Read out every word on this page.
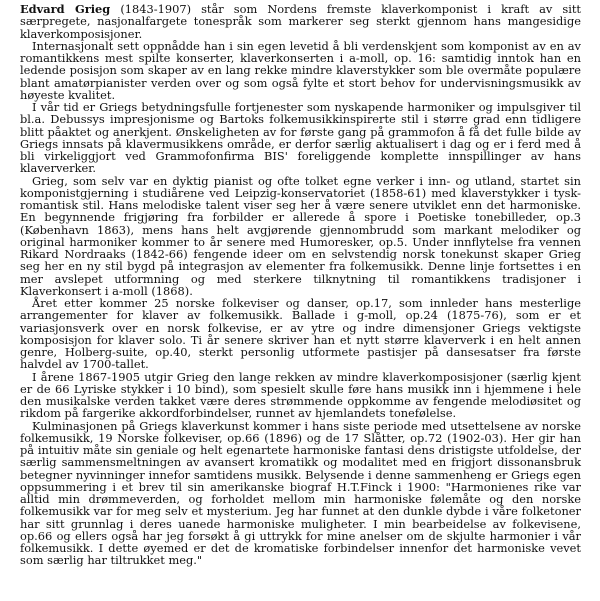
Edvard Grieg (1843-1907) står som Nordens fremste klaverkomponist i kraft av sitt særpregete, nasjonalfargete tonespråk som markerer seg sterkt gjennom hans mangesidige klaverkomposisjoner.

Internasjonalt sett oppnådde han i sin egen levetid å bli verdenskjent som komponist av en av romantikkens mest spilte konserter, klaverkonserten i a-moll, op. 16: samtidig inntok han en ledende posisjon som skaper av en lang rekke mindre klaverstykker som ble overmåte populære blant amatørpianister verden over og som også fylte et stort behov for undervisningsmusikk av høyeste kvalitet.

I vår tid er Griegs betydningsfulle fortjenester som nyskapende harmoniker og impulsgiver til bl.a. Debussys impresjonisme og Bartoks folkemusikkinspirerte stil i større grad enn tidligere blitt påaktet og anerkjent. Ønskeligheten av for første gang på grammofon å få det fulle bilde av Griegs innsats på klavermusikkens område, er derfor særlig aktualisert i dag og er i ferd med å bli virkeliggjort ved Grammofonfirma BIS' foreliggende komplette innspillinger av hans klaververker.

Grieg, som selv var en dyktig pianist og ofte tolket egne verker i inn- og utland, startet sin komponistgjerning i studiårene ved Leipzig-konservatoriet (1858-61) med klaverstykker i tysk-romantisk stil. Hans melodiske talent viser seg her å være senere utviklet enn det harmoniske. En begynnende frigjøring fra forbilder er allerede å spore i Poetiske tonebilleder, op.3 (København 1863), mens hans helt avgjørende gjennombrudd som markant melodiker og original harmoniker kommer to år senere med Humoresker, op.5. Under innflytelse fra vennen Rikard Nordraaks (1842-66) fengende ideer om en selvstendig norsk tonekunst skaper Grieg seg her en ny stil bygd på integrasjon av elementer fra folkemusikk. Denne linje fortsettes i en mer avslepet utformning og med sterkere tilknytning til romantikkens tradisjoner i Klaverkonsert i a-moll (1868).

Året etter kommer 25 norske folkeviser og danser, op.17, som innleder hans mesterlige arrangementer for klaver av folkemusikk. Ballade i g-moll, op.24 (1875-76), som er et variasjonsverk over en norsk folkevise, er av ytre og indre dimensjoner Griegs vektigste komposisjon for klaver solo. Ti år senere skriver han et nytt større klaververk i en helt annen genre, Holberg-suite, op.40, sterkt personlig utformete pastisjer på dansesatser fra første halvdel av 1700-tallet.

I årene 1867-1905 utgir Grieg den lange rekken av mindre klaverkomposisjoner (særlig kjent er de 66 Lyriske stykker i 10 bind), som spesielt skulle føre hans musikk inn i hjemmene i hele den musikalske verden takket være deres strømmende oppkomme av fengende melodiøsitet og rikdom på fargerike akkordforbindelser, runnet av hjemlandets tonefølelse.

Kulminasjonen på Griegs klaverkunst kommer i hans siste periode med utsettelsene av norske folkemusikk, 19 Norske folkeviser, op.66 (1896) og de 17 Slåtter, op.72 (1902-03). Her gir han på intuitiv måte sin geniale og helt egenartete harmoniske fantasi dens dristigste utfoldelse, der særlig sammensmeltningen av avansert kromatikk og modalitet med en frigjort dissonansbruk betegner nyvinninger innefor samtidens musikk. Belysende i denne sammenheng er Griegs egen oppsummering i et brev til sin amerikanske biograf H.T.Finck i 1900: "Harmonienes rike var alltid min drømmeverden, og forholdet mellom min harmoniske følemåte og den norske folkemusikk var for meg selv et mysterium. Jeg har funnet at den dunkle dybde i våre folketoner har sitt grunnlag i deres uanede harmoniske muligheter. I min bearbeidelse av folkevisene, op.66 og ellers også har jeg forsøkt å gi uttrykk for mine anelser om de skjulte harmonier i vår folkemusikk. I dette øyemed er det de kromatiske forbindelser innenfor det harmoniske vevet som særlig har tiltrukket meg."
